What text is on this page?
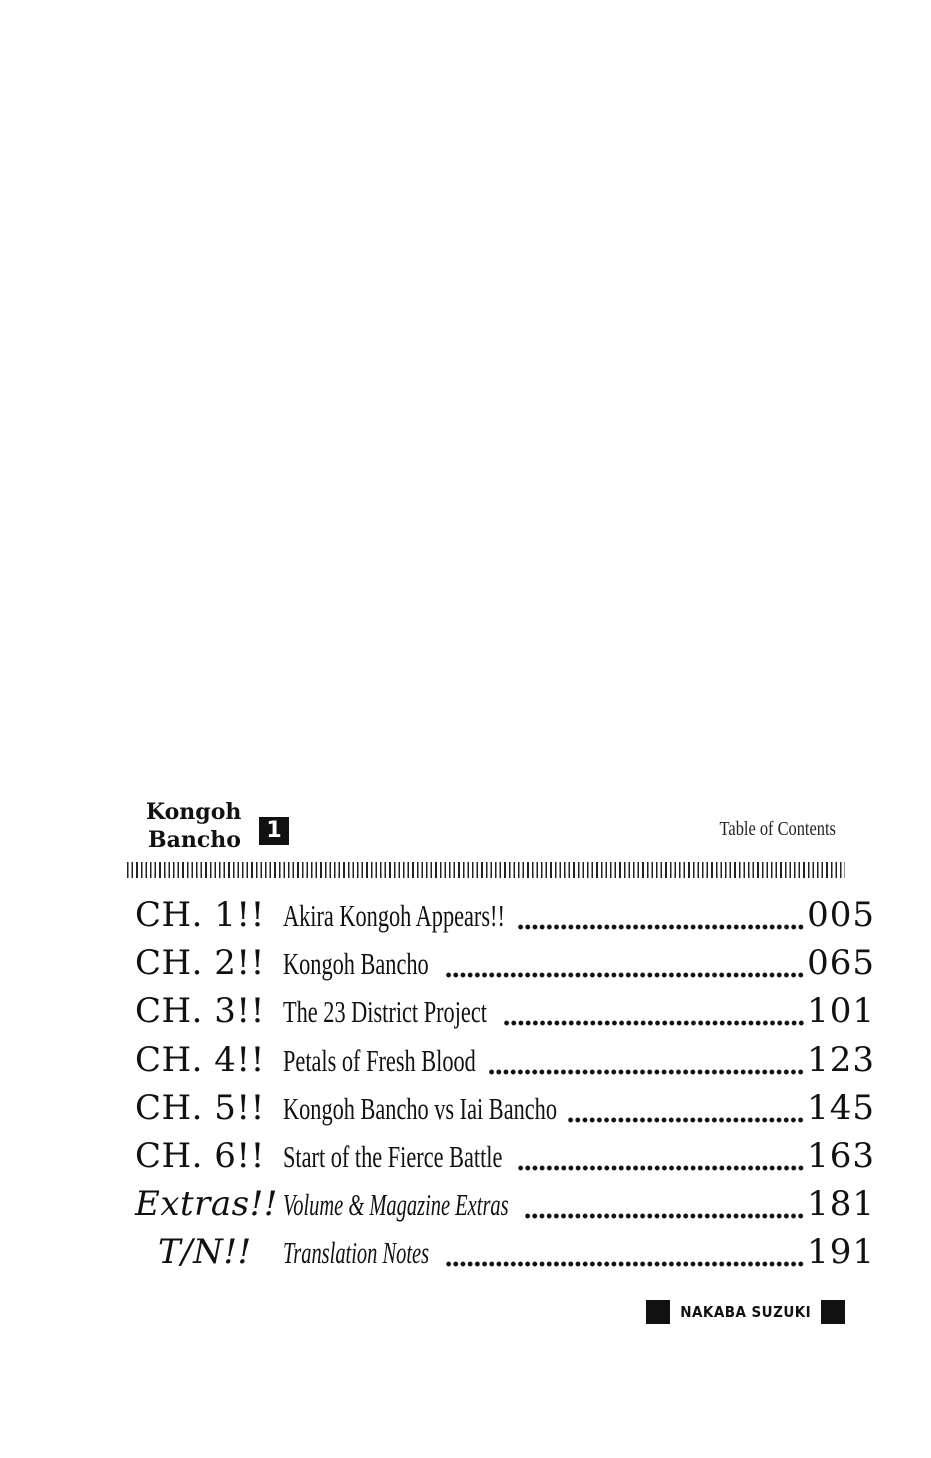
Kongoh
Bancho	1	Table of Contents
CH. 1!! Akira Kongoh Appears!!	005
CH. 2!! Kongoh Bancho	065
CH. 3!! The 23 District Project	101
CH. 4!! Petals of Fresh Blood	123
CH. 5!! Kongoh Bancho vs Iai Bancho	145
CH. 6!! Start of the Fierce Battle	163
Extras!! Volume & Magazine Extras	181
T/N!! Translation Notes	191
NAKABA SUZUKI
